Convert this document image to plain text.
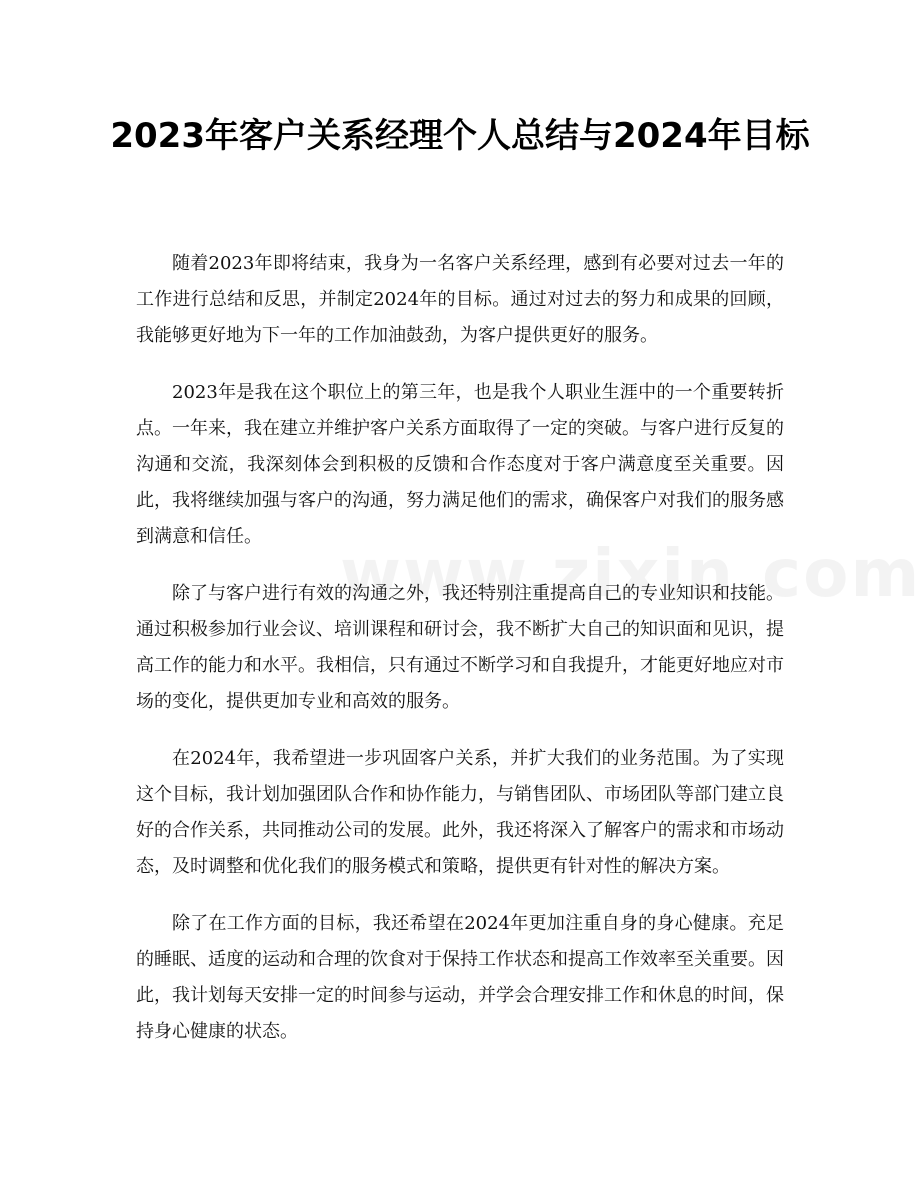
2023年客户关系经理个人总结与2024年目标

随着2023年即将结束，我身为一名客户关系经理，感到有必要对过去一年的工作进行总结和反思，并制定2024年的目标。通过对过去的努力和成果的回顾，我能够更好地为下一年的工作加油鼓劲，为客户提供更好的服务。

2023年是我在这个职位上的第三年，也是我个人职业生涯中的一个重要转折点。一年来，我在建立并维护客户关系方面取得了一定的突破。与客户进行反复的沟通和交流，我深刻体会到积极的反馈和合作态度对于客户满意度至关重要。因此，我将继续加强与客户的沟通，努力满足他们的需求，确保客户对我们的服务感到满意和信任。

除了与客户进行有效的沟通之外，我还特别注重提高自己的专业知识和技能。通过积极参加行业会议、培训课程和研讨会，我不断扩大自己的知识面和见识，提高工作的能力和水平。我相信，只有通过不断学习和自我提升，才能更好地应对市场的变化，提供更加专业和高效的服务。

在2024年，我希望进一步巩固客户关系，并扩大我们的业务范围。为了实现这个目标，我计划加强团队合作和协作能力，与销售团队、市场团队等部门建立良好的合作关系，共同推动公司的发展。此外，我还将深入了解客户的需求和市场动态，及时调整和优化我们的服务模式和策略，提供更有针对性的解决方案。

除了在工作方面的目标，我还希望在2024年更加注重自身的身心健康。充足的睡眠、适度的运动和合理的饮食对于保持工作状态和提高工作效率至关重要。因此，我计划每天安排一定的时间参与运动，并学会合理安排工作和休息的时间，保持身心健康的状态。
